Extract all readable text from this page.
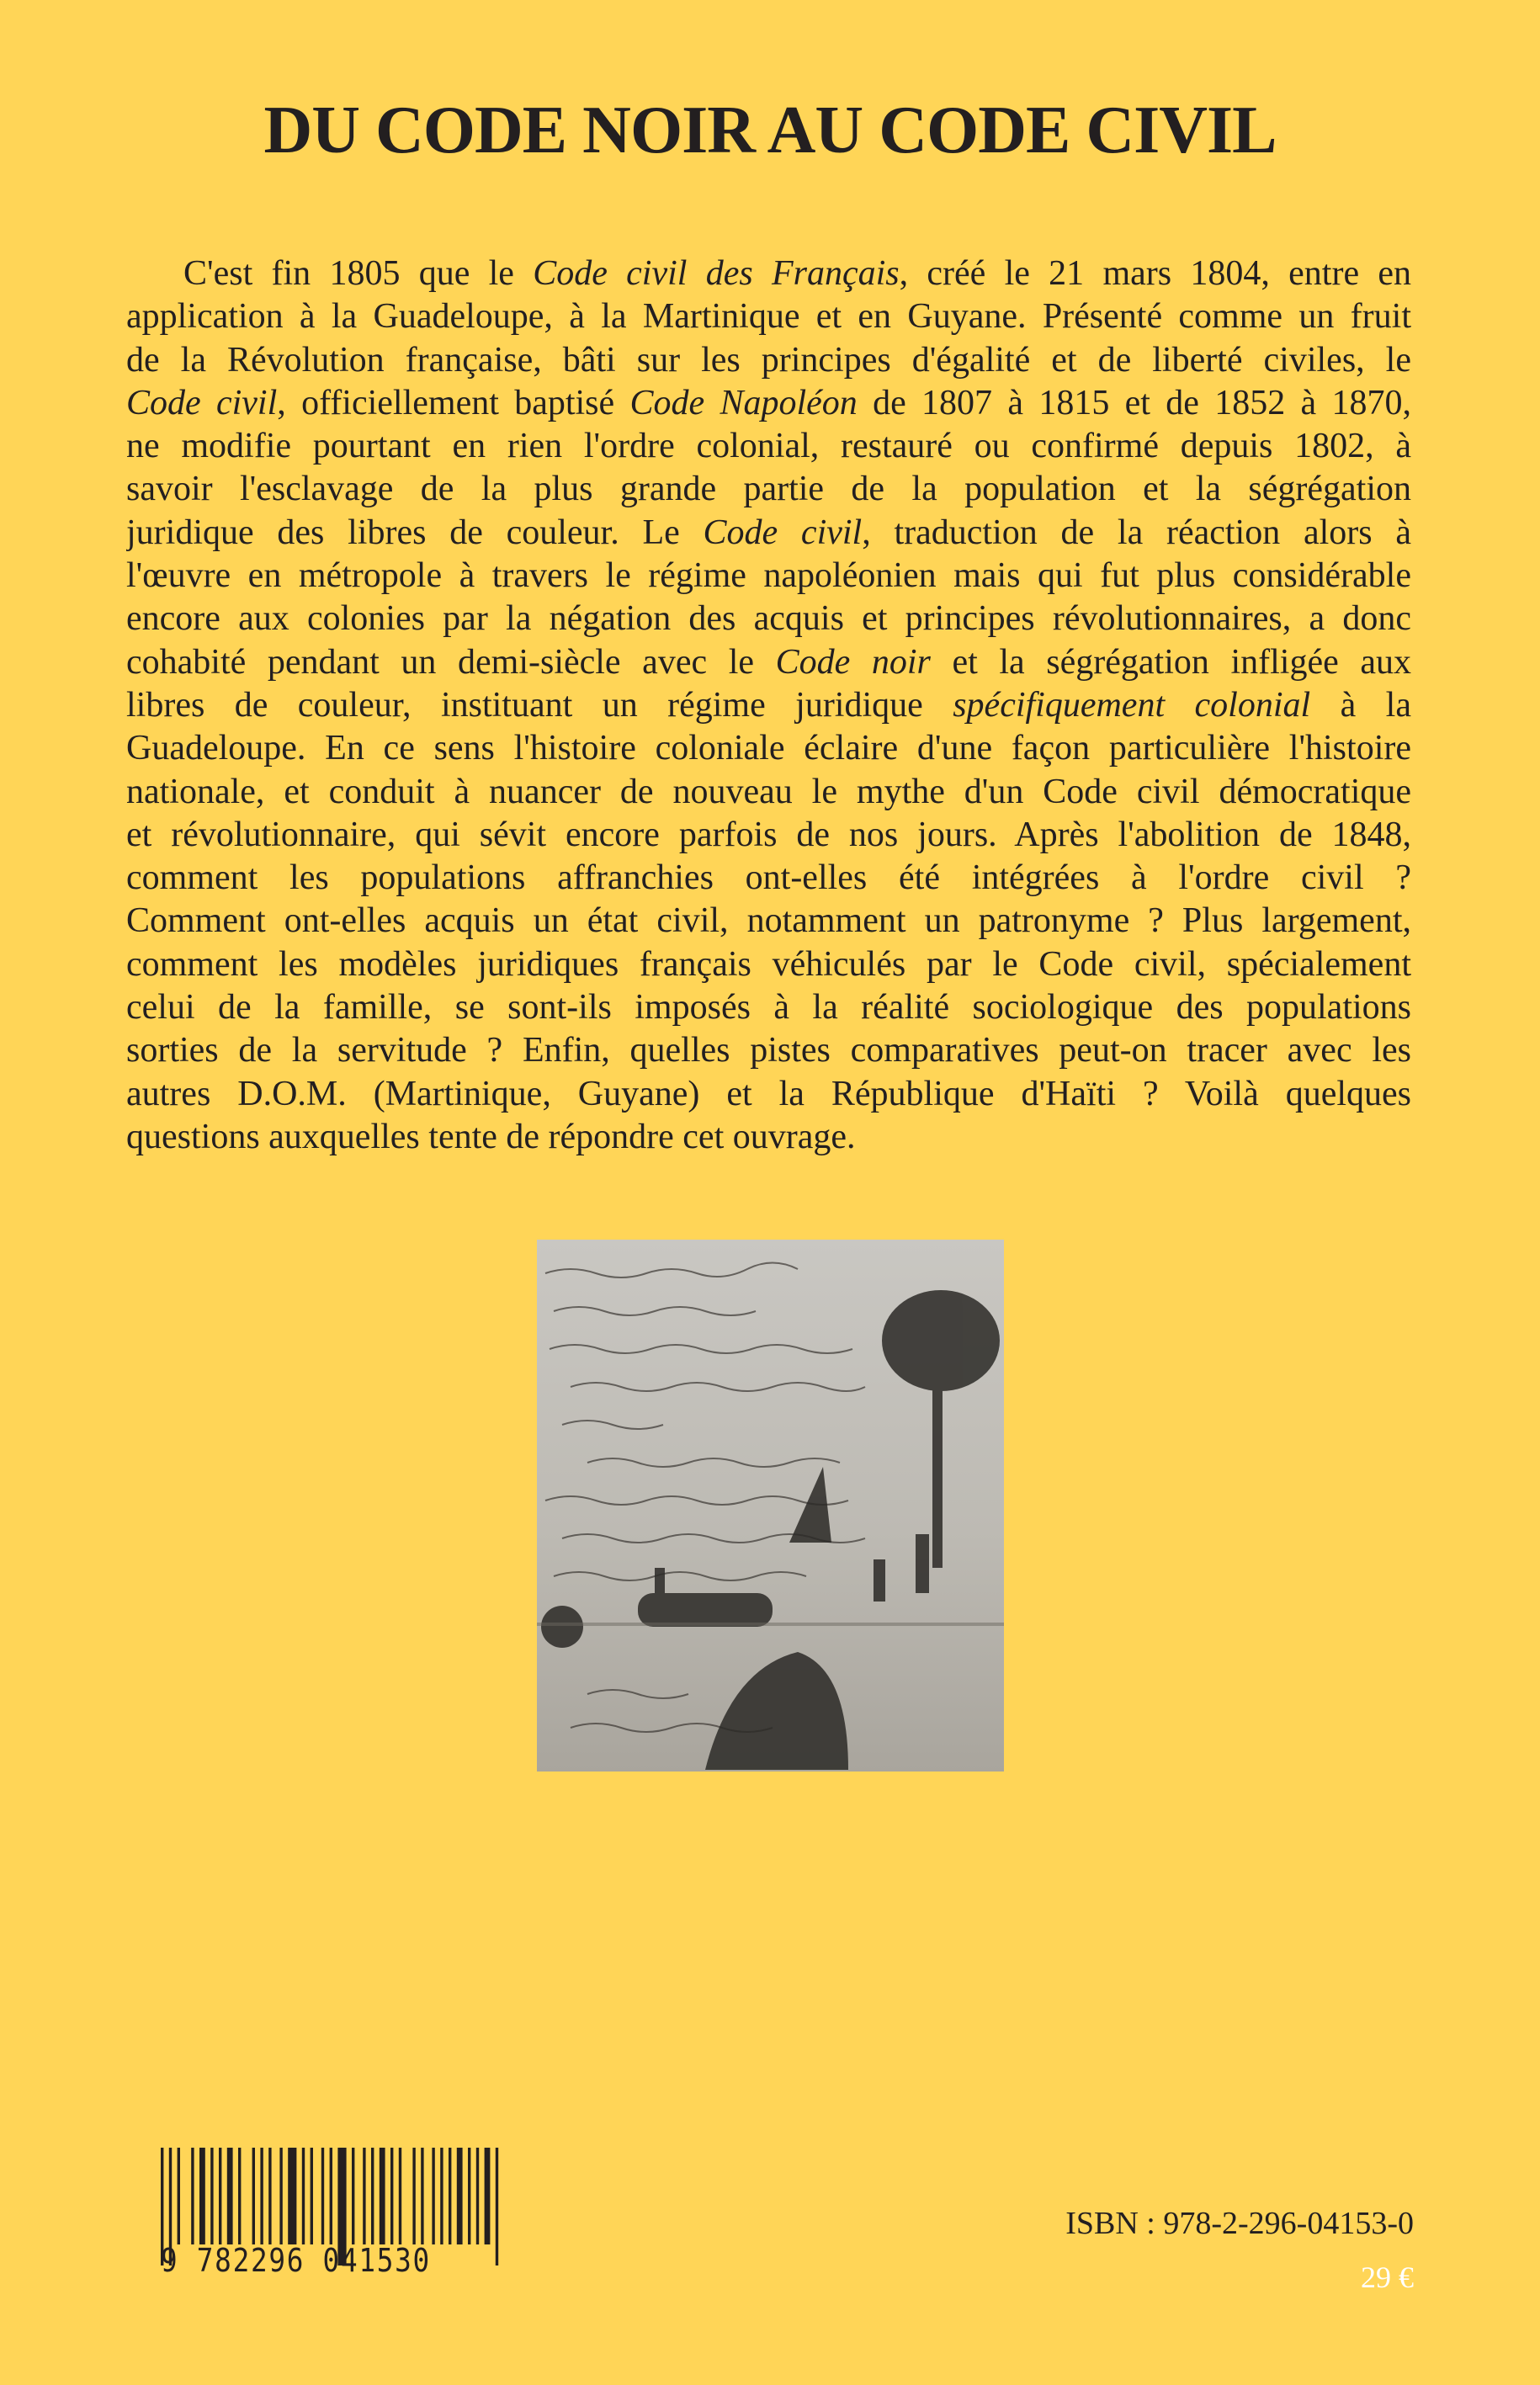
DU CODE NOIR AU CODE CIVIL
C'est fin 1805 que le Code civil des Français, créé le 21 mars 1804, entre en
application à la Guadeloupe, à la Martinique et en Guyane. Présenté comme un fruit
de la Révolution française, bâti sur les principes d'égalité et de liberté civiles, le
Code civil, officiellement baptisé Code Napoléon de 1807 à 1815 et de 1852 à 1870,
ne modifie pourtant en rien l'ordre colonial, restauré ou confirmé depuis 1802, à
savoir l'esclavage de la plus grande partie de la population et la ségrégation
juridique des libres de couleur. Le Code civil, traduction de la réaction alors à
l'œuvre en métropole à travers le régime napoléonien mais qui fut plus considérable
encore aux colonies par la négation des acquis et principes révolutionnaires, a donc
cohabité pendant un demi-siècle avec le Code noir et la ségrégation infligée aux
libres de couleur, instituant un régime juridique spécifiquement colonial à la
Guadeloupe. En ce sens l'histoire coloniale éclaire d'une façon particulière l'histoire
nationale, et conduit à nuancer de nouveau le mythe d'un Code civil démocratique
et révolutionnaire, qui sévit encore parfois de nos jours. Après l'abolition de 1848,
comment les populations affranchies ont-elles été intégrées à l'ordre civil ?
Comment ont-elles acquis un état civil, notamment un patronyme ? Plus largement,
comment les modèles juridiques français véhiculés par le Code civil, spécialement
celui de la famille, se sont-ils imposés à la réalité sociologique des populations
sorties de la servitude ? Enfin, quelles pistes comparatives peut-on tracer avec les
autres D.O.M. (Martinique, Guyane) et la République d'Haïti ? Voilà quelques
questions auxquelles tente de répondre cet ouvrage.
9 782296 041530
ISBN : 978-2-296-04153-0
29 €
